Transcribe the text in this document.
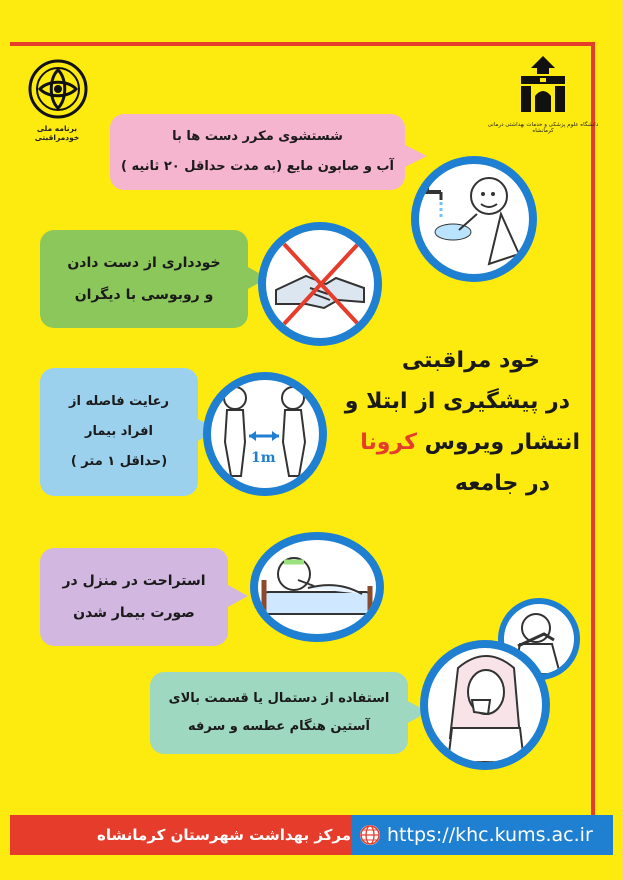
برنامه ملی خودمراقبتی
دانشگاه علوم پزشکی و خدمات بهداشتی درمانی کرمانشاه
شستشوی مکرر دست ها با
آب و صابون مایع (به مدت حداقل ۲۰ ثانیه )
خودداری از دست دادن
و روبوسی با دیگران
رعایت فاصله از
افراد بیمار
(حداقل ۱ متر )	1m
خود مراقبتی
در پیشگیری از ابتلا و
انتشار ویروس کرونا
در جامعه
استراحت در منزل در
صورت بیمار شدن
استفاده از دستمال یا قسمت بالای
آستین هنگام عطسه و سرفه
مرکز بهداشت شهرستان کرمانشاه https://khc.kums.ac.ir
